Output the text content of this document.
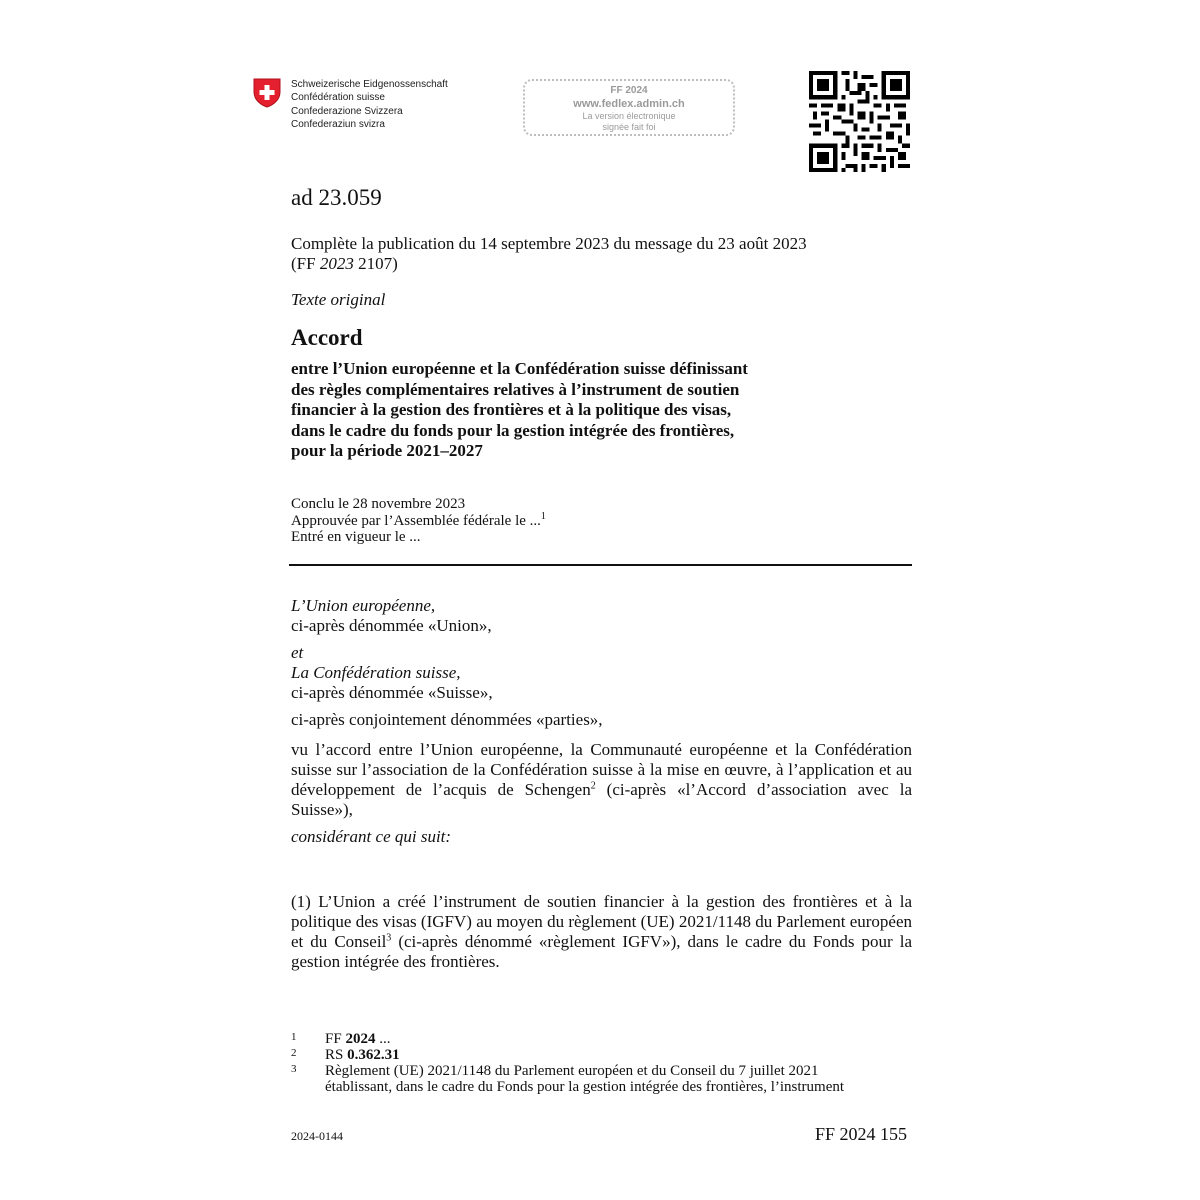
Schweizerische Eidgenossenschaft
Confédération suisse
Confederazione Svizzera
Confederaziun svizra
FF 2024
www.fedlex.admin.ch
La version électronique
signée fait foi
ad 23.059
Complète la publication du 14 septembre 2023 du message du 23 août 2023
(FF 2023 2107)
Texte original
Accord
entre l’Union européenne et la Confédération suisse définissant
des règles complémentaires relatives à l’instrument de soutien
financier à la gestion des frontières et à la politique des visas,
dans le cadre du fonds pour la gestion intégrée des frontières,
pour la période 2021–2027
Conclu le 28 novembre 2023
Approuvée par l’Assemblée fédérale le ...$^1$
Entré en vigueur le ...
L’Union européenne,
ci-après dénommée «Union»,
et
La Confédération suisse,
ci-après dénommée «Suisse»,
ci-après conjointement dénommées «parties»,

vu l’accord entre l’Union européenne, la Communauté européenne et la Confédération suisse sur l’association de la Confédération suisse à la mise en œuvre, à l’application et au développement de l’acquis de Schengen$^2$ (ci-après «l’Accord d’association avec la Suisse»),

considérant ce qui suit:

(1) L’Union a créé l’instrument de soutien financier à la gestion des frontières et à la politique des visas (IGFV) au moyen du règlement (UE) 2021/1148 du Parlement européen et du Conseil$^3$ (ci-après dénommé «règlement IGFV»), dans le cadre du Fonds pour la gestion intégrée des frontières.

1	FF 2024 ...
2	RS 0.362.31
3	Règlement (UE) 2021/1148 du Parlement européen et du Conseil du 7 juillet 2021
établissant, dans le cadre du Fonds pour la gestion intégrée des frontières, l’instrument
2024-0144	FF 2024 155
